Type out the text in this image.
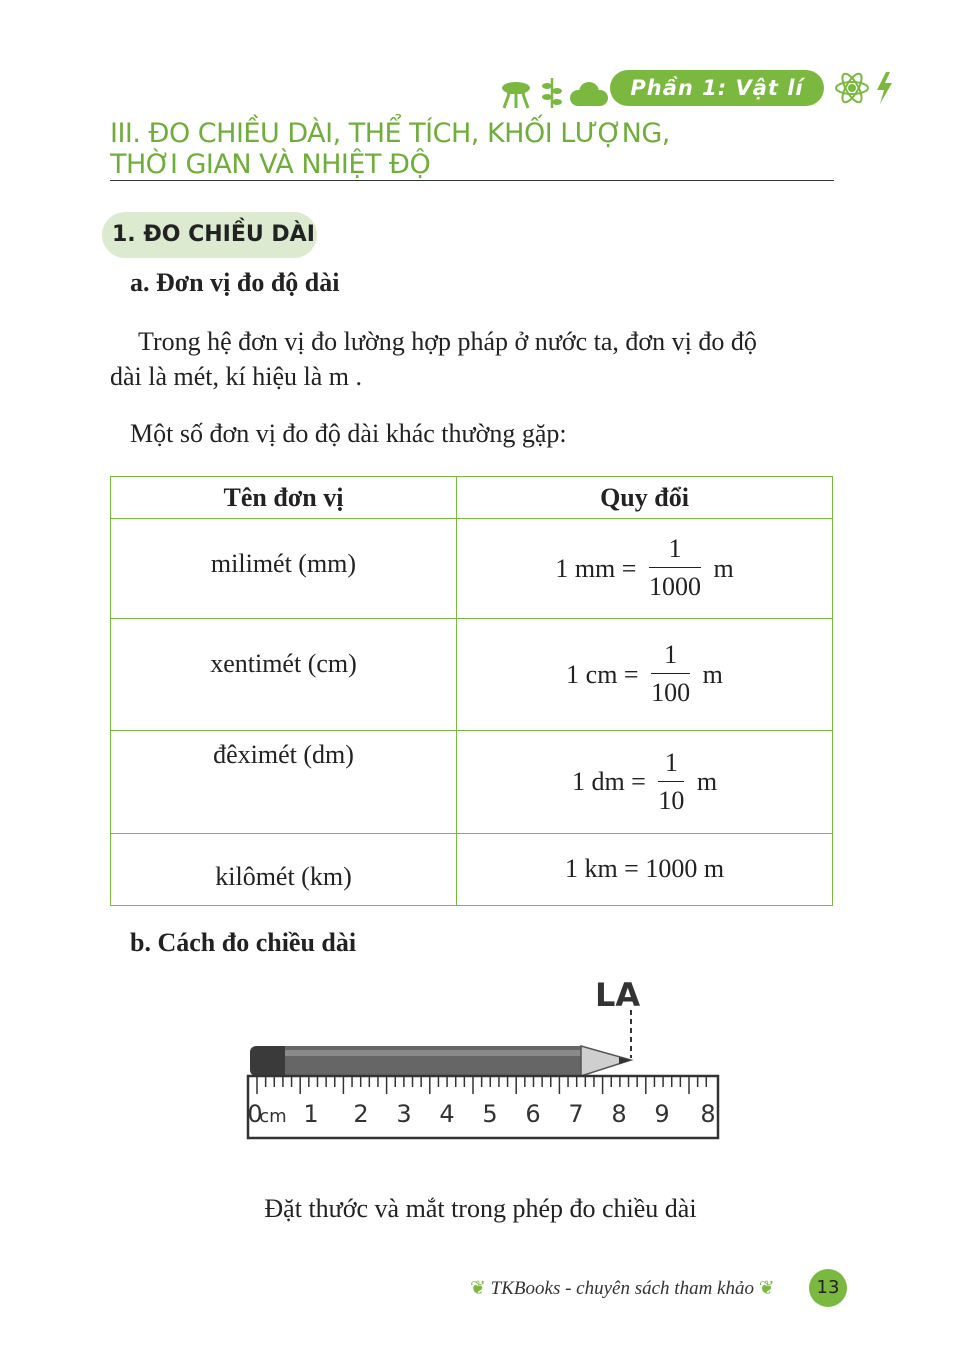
Phần 1: Vật lí
III. ĐO CHIỀU DÀI, THỂ TÍCH, KHỐI LƯỢNG,
THỜI GIAN VÀ NHIỆT ĐỘ
1. ĐO CHIỀU DÀI
a. Đơn vị đo độ dài
Trong hệ đơn vị đo lường hợp pháp ở nước ta, đơn vị đo độ
dài là mét, kí hiệu là m .
Một số đơn vị đo độ dài khác thường gặp:
Tên đơn vị	Quy đổi

milimét (mm)	1 mm = $\frac{1}{1000}$ m

xentimét (cm)	1 cm = $\frac{1}{100}$ m

đêximét (dm)	1 dm = $\frac{1}{10}$ m

kilômét (km)	1 km = 1000 m
b. Cách đo chiều dài
LA
0
cm 1 2 3 4 5 6 7 8 9 8
Đặt thước và mắt trong phép đo chiều dài
❦ TKBooks - chuyên sách tham khảo ❦	13
